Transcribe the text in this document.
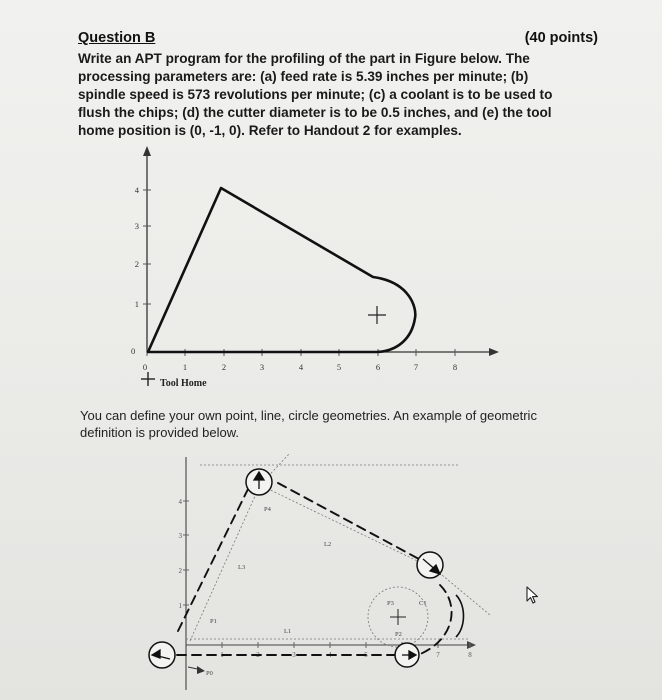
Question B	(40 points)
Write an APT program for the profiling of the part in Figure below. The processing parameters are: (a) feed rate is 5.39 inches per minute; (b) spindle speed is 573 revolutions per minute; (c) a coolant is to be used to flush the chips; (d) the cutter diameter is to be 0.5 inches, and (e) the tool home position is (0, -1, 0). Refer to Handout 2 for examples.
0	1	2	3	4	5	6	7	8
4
3
2
1
0
Tool Home
You can define your own point, line, circle geometries. An example of geometric definition is provided below.
4
3
2
1
1	2	3	4	5	7	8
P4
L2
L3
P3	C1
P1
L1	P2
P0
